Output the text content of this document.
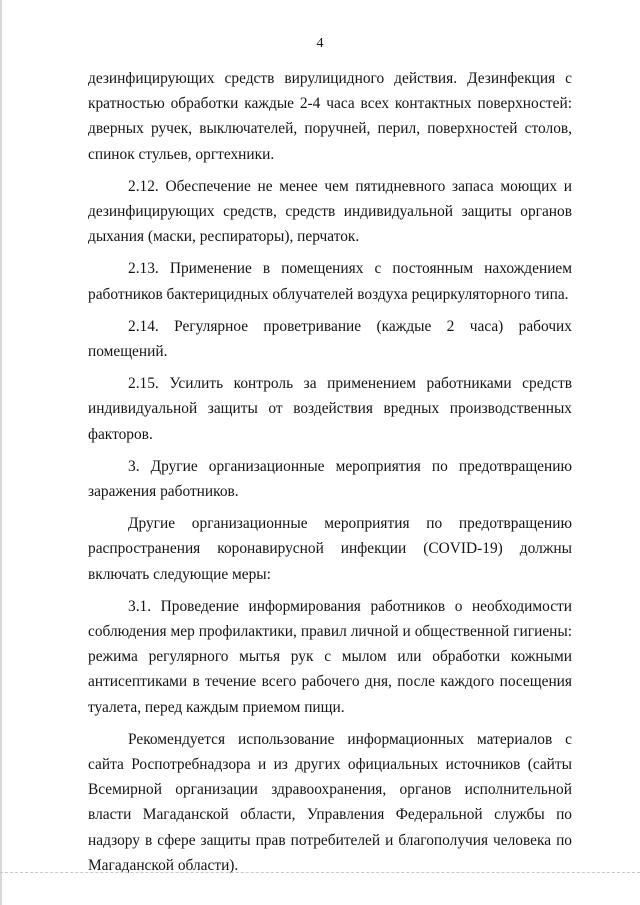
4

дезинфицирующих средств вирулицидного действия. Дезинфекция с кратностью обработки каждые 2-4 часа всех контактных поверхностей: дверных ручек, выключателей, поручней, перил, поверхностей столов, спинок стульев, оргтехники.

2.12. Обеспечение не менее чем пятидневного запаса моющих и дезинфицирующих средств, средств индивидуальной защиты органов дыхания (маски, респираторы), перчаток.

2.13. Применение в помещениях с постоянным нахождением работников бактерицидных облучателей воздуха рециркуляторного типа.

2.14. Регулярное проветривание (каждые 2 часа) рабочих помещений.

2.15. Усилить контроль за применением работниками средств индивидуальной защиты от воздействия вредных производственных факторов.

3. Другие организационные мероприятия по предотвращению заражения работников.

Другие организационные мероприятия по предотвращению распространения коронавирусной инфекции (COVID-19) должны включать следующие меры:

3.1. Проведение информирования работников о необходимости соблюдения мер профилактики, правил личной и общественной гигиены: режима регулярного мытья рук с мылом или обработки кожными антисептиками в течение всего рабочего дня, после каждого посещения туалета, перед каждым приемом пищи.

Рекомендуется использование информационных материалов с сайта Роспотребнадзора и из других официальных источников (сайты Всемирной организации здравоохранения, органов исполнительной власти Магаданской области, Управления Федеральной службы по надзору в сфере защиты прав потребителей и благополучия человека по Магаданской области).
